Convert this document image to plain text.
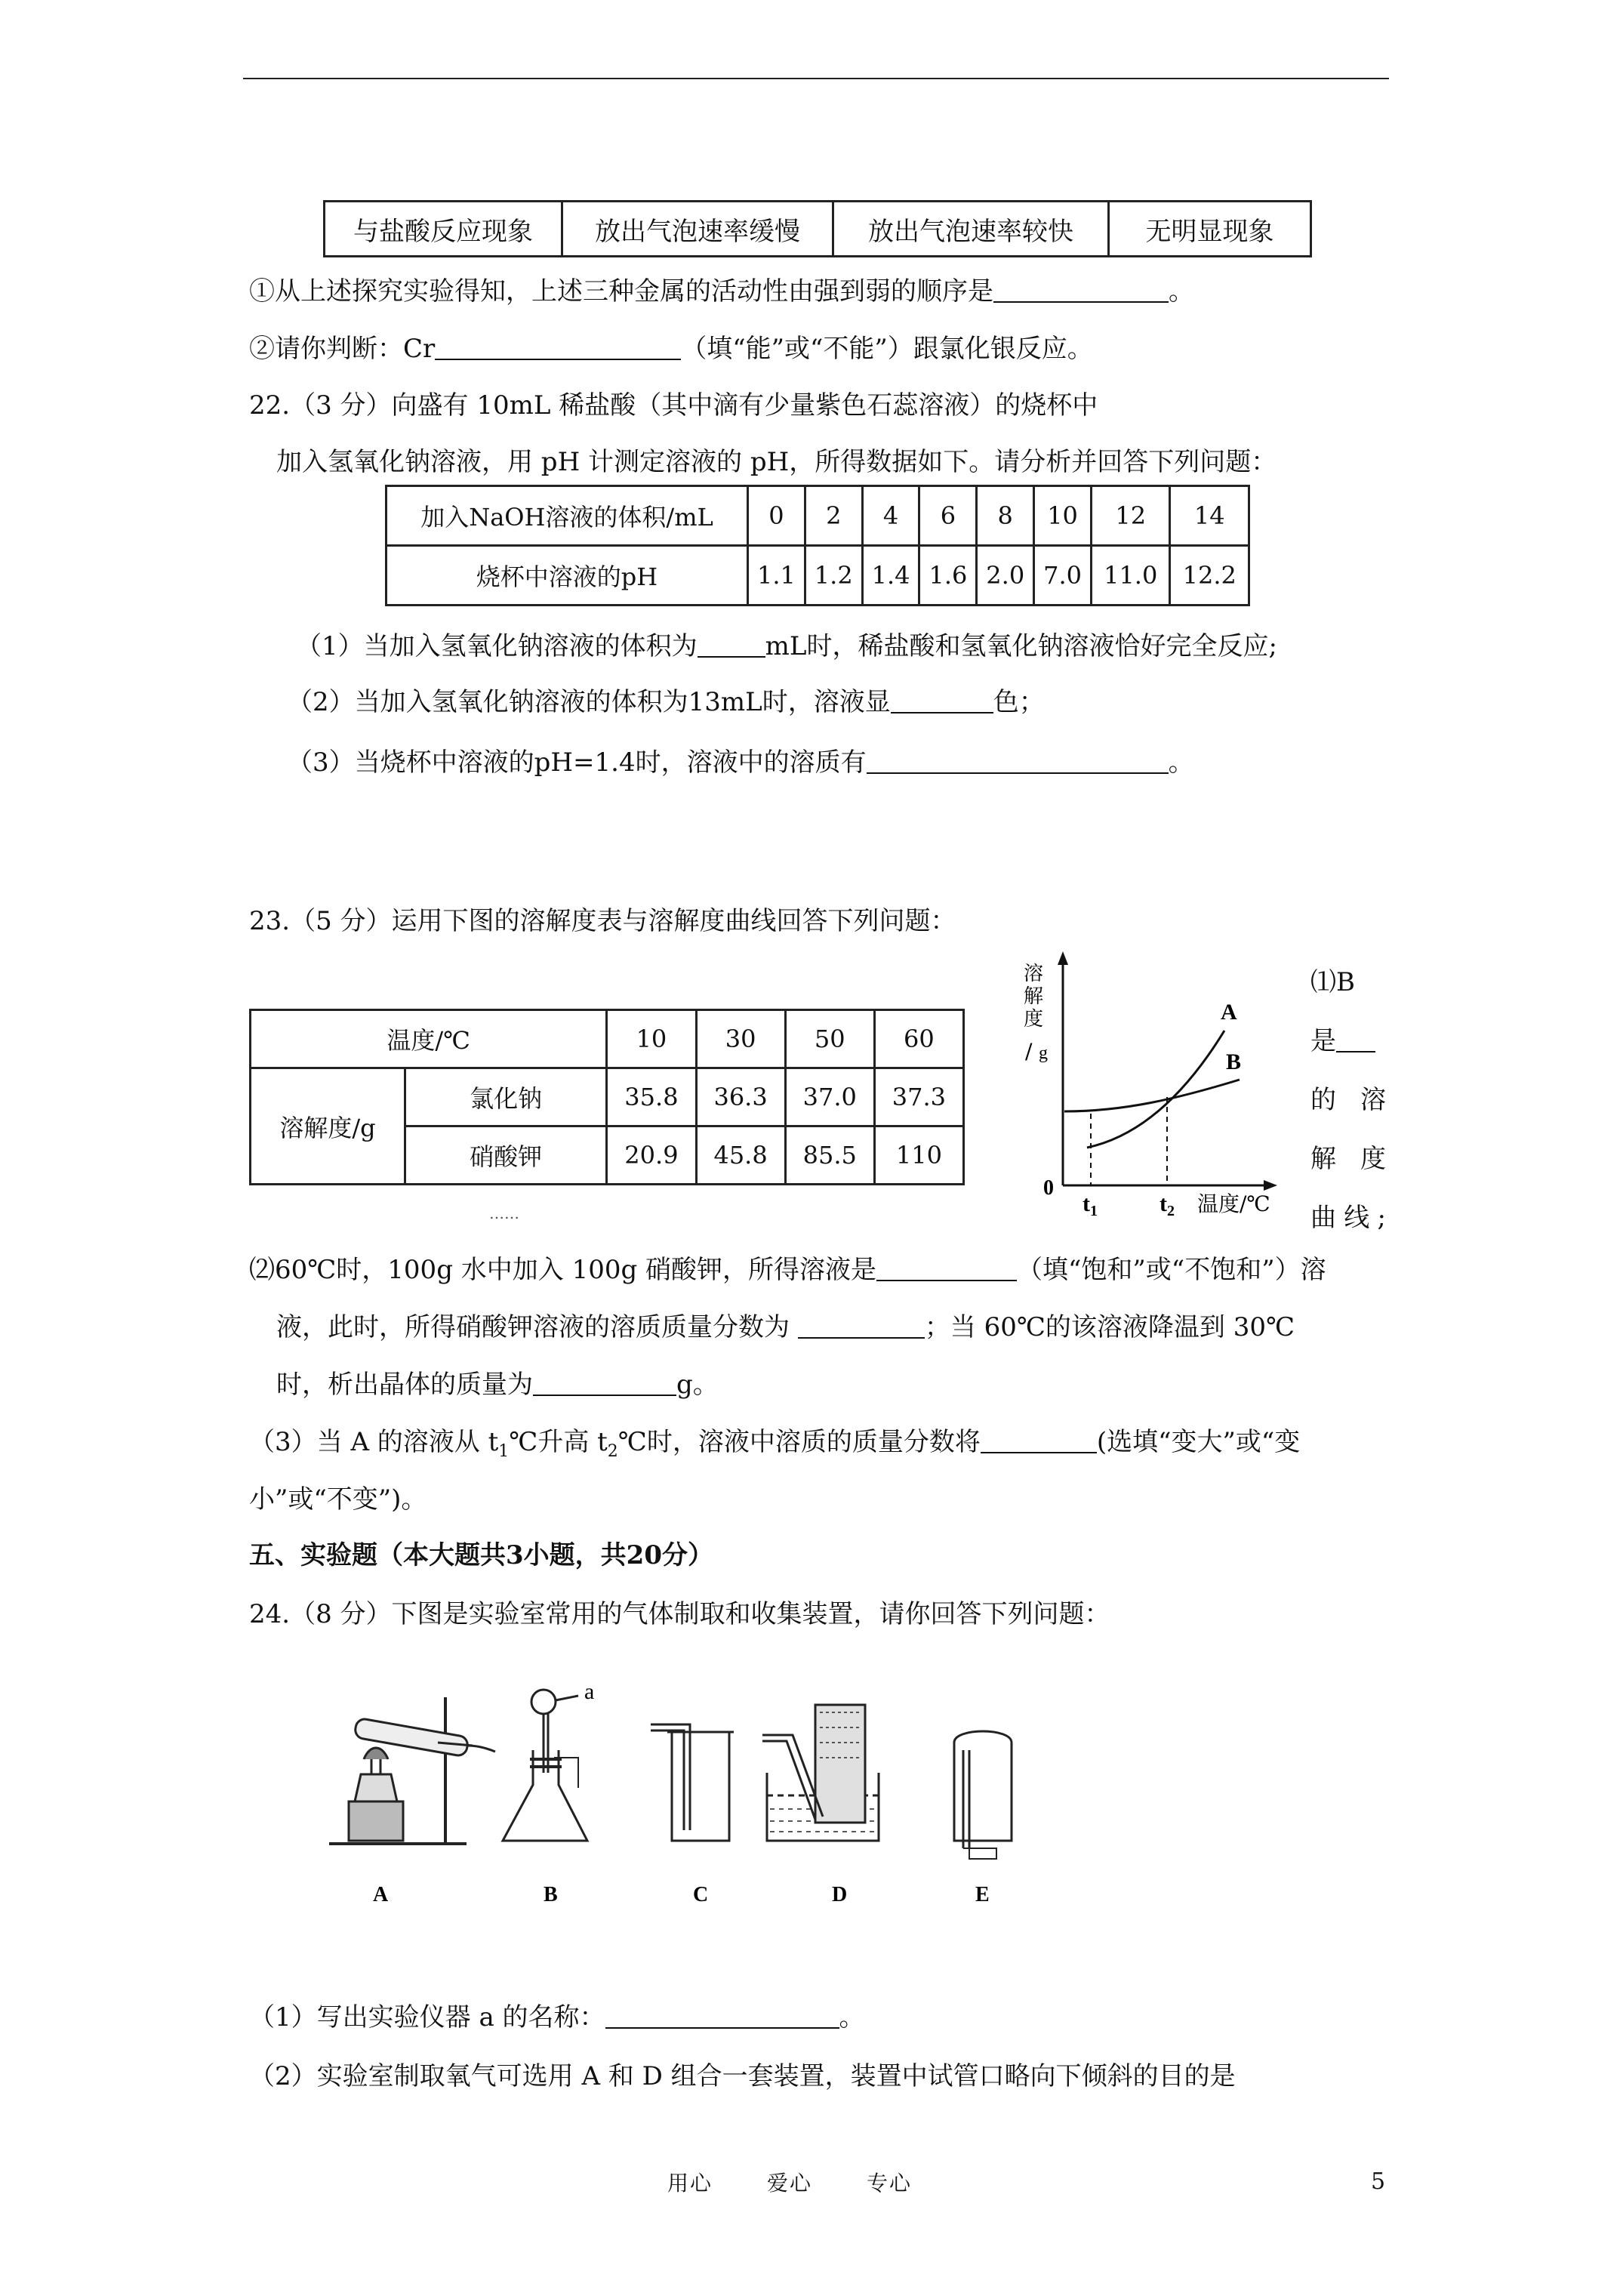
与盐酸反应现象	放出气泡速率缓慢	放出气泡速率较快	无明显现象
①从上述探究实验得知，上述三种金属的活动性由强到弱的顺序是	。
②请你判断：Cr	（填“能”或“不能”）跟氯化银反应。
22.（3 分）向盛有 10mL 稀盐酸（其中滴有少量紫色石蕊溶液）的烧杯中
加入氢氧化钠溶液，用 pH 计测定溶液的 pH，所得数据如下。请分析并回答下列问题：
加入NaOH溶液的体积/mL	0	2	4	6	8	10	12	14
烧杯中溶液的pH	1.1	1.2	1.4	1.6	2.0	7.0	11.0	12.2
（1）当加入氢氧化钠溶液的体积为	mL时，稀盐酸和氢氧化钠溶液恰好完全反应;
（2）当加入氢氧化钠溶液的体积为13mL时，溶液显	色；
（3）当烧杯中溶液的pH=1.4时，溶液中的溶质有	。
23.（5 分）运用下图的溶解度表与溶解度曲线回答下列问题：
温度/℃		10	30	50	60
溶解度/g	氯化钠	35.8	36.3	37.0	37.3
	硝酸钾	20.9	45.8	85.5	110
……
A
B
0
$t_1$	$t_2$ 温度/℃
溶
解
度
/ g
⑴B
是
的 溶
解 度
曲线;
⑵60℃时，100g 水中加入 100g 硝酸钾，所得溶液是	（填“饱和”或“不饱和”）溶
液，此时，所得硝酸钾溶液的溶质质量分数为	；当 60℃的该溶液降温到 30℃
时，析出晶体的质量为	g。
（3）当 A 的溶液从 $t_1℃$升高 $t_2℃$时，溶液中溶质的质量分数将	(选填“变大”或“变
小”或“不变”)。
五、实验题（本大题共3小题，共20分）
24.（8 分）下图是实验室常用的气体制取和收集装置，请你回答下列问题：
a
A	B	C	D	E
（1）写出实验仪器 a 的名称：	。
（2）实验室制取氧气可选用 A 和 D 组合一套装置，装置中试管口略向下倾斜的目的是
用心	爱心	专心	5
